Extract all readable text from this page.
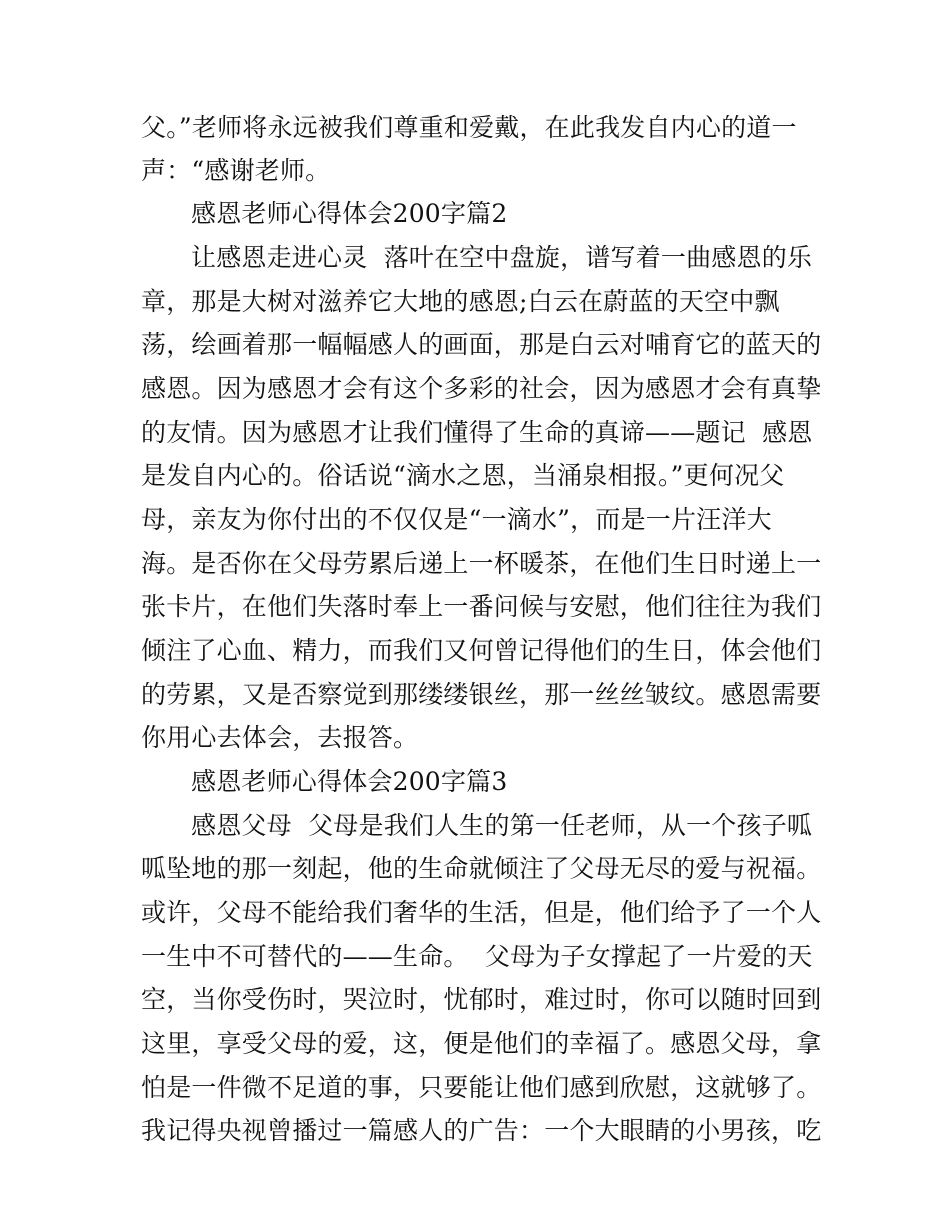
父。”老师将永远被我们尊重和爱戴，在此我发自内心的道一
声：“感谢老师。
感恩老师心得体会200字篇2
让感恩走进心灵  落叶在空中盘旋，谱写着一曲感恩的乐
章，那是大树对滋养它大地的感恩;白云在蔚蓝的天空中飘
荡，绘画着那一幅幅感人的画面，那是白云对哺育它的蓝天的
感恩。因为感恩才会有这个多彩的社会，因为感恩才会有真挚
的友情。因为感恩才让我们懂得了生命的真谛——题记  感恩
是发自内心的。俗话说“滴水之恩，当涌泉相报。”更何况父
母，亲友为你付出的不仅仅是“一滴水”，而是一片汪洋大
海。是否你在父母劳累后递上一杯暖茶，在他们生日时递上一
张卡片，在他们失落时奉上一番问候与安慰，他们往往为我们
倾注了心血、精力，而我们又何曾记得他们的生日，体会他们
的劳累，又是否察觉到那缕缕银丝，那一丝丝皱纹。感恩需要
你用心去体会，去报答。
感恩老师心得体会200字篇3
感恩父母  父母是我们人生的第一任老师，从一个孩子呱
呱坠地的那一刻起，他的生命就倾注了父母无尽的爱与祝福。
或许，父母不能给我们奢华的生活，但是，他们给予了一个人
一生中不可替代的——生命。  父母为子女撑起了一片爱的天
空，当你受伤时，哭泣时，忧郁时，难过时，你可以随时回到
这里，享受父母的爱，这，便是他们的幸福了。感恩父母，拿
怕是一件微不足道的事，只要能让他们感到欣慰，这就够了。
我记得央视曾播过一篇感人的广告：一个大眼睛的小男孩，吃
